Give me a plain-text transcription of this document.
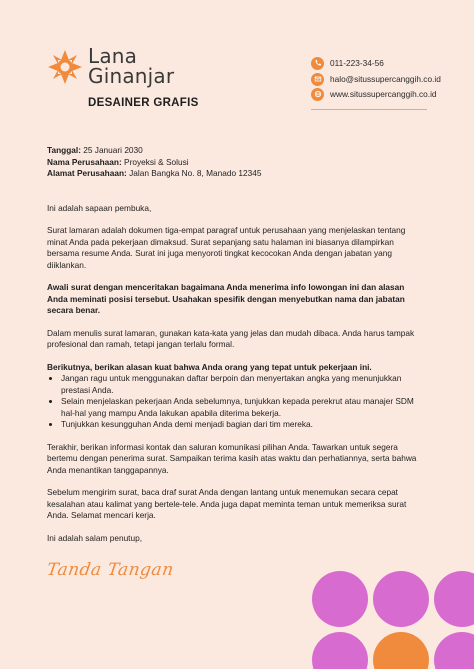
Lana
Ginanjar
DESAINER GRAFIS
011-223-34-56
halo@situssupercanggih.co.id
www.situssupercanggih.co.id
Tanggal: 25 Januari 2030
Nama Perusahaan: Proyeksi & Solusi
Alamat Perusahaan: Jalan Bangka No. 8, Manado 12345

Ini adalah sapaan pembuka,

Surat lamaran adalah dokumen tiga-empat paragraf untuk perusahaan yang menjelaskan tentang minat Anda pada pekerjaan dimaksud. Surat sepanjang satu halaman ini biasanya dilampirkan bersama resume Anda. Surat ini juga menyoroti tingkat kecocokan Anda dengan jabatan yang diiklankan.

Awali surat dengan menceritakan bagaimana Anda menerima info lowongan ini dan alasan Anda meminati posisi tersebut. Usahakan spesifik dengan menyebutkan nama dan jabatan secara benar.

Dalam menulis surat lamaran, gunakan kata-kata yang jelas dan mudah dibaca. Anda harus tampak profesional dan ramah, tetapi jangan terlalu formal.

Berikutnya, berikan alasan kuat bahwa Anda orang yang tepat untuk pekerjaan ini.

• Jangan ragu untuk menggunakan daftar berpoin dan menyertakan angka yang menunjukkan prestasi Anda.
• Selain menjelaskan pekerjaan Anda sebelumnya, tunjukkan kepada perekrut atau manajer SDM hal-hal yang mampu Anda lakukan apabila diterima bekerja.
• Tunjukkan kesungguhan Anda demi menjadi bagian dari tim mereka.

Terakhir, berikan informasi kontak dan saluran komunikasi pilihan Anda. Tawarkan untuk segera bertemu dengan penerima surat. Sampaikan terima kasih atas waktu dan perhatiannya, serta bahwa Anda menantikan tanggapannya.

Sebelum mengirim surat, baca draf surat Anda dengan lantang untuk menemukan secara cepat kesalahan atau kalimat yang bertele-tele. Anda juga dapat meminta teman untuk memeriksa surat Anda. Selamat mencari kerja.

Ini adalah salam penutup,

Tanda Tangan
